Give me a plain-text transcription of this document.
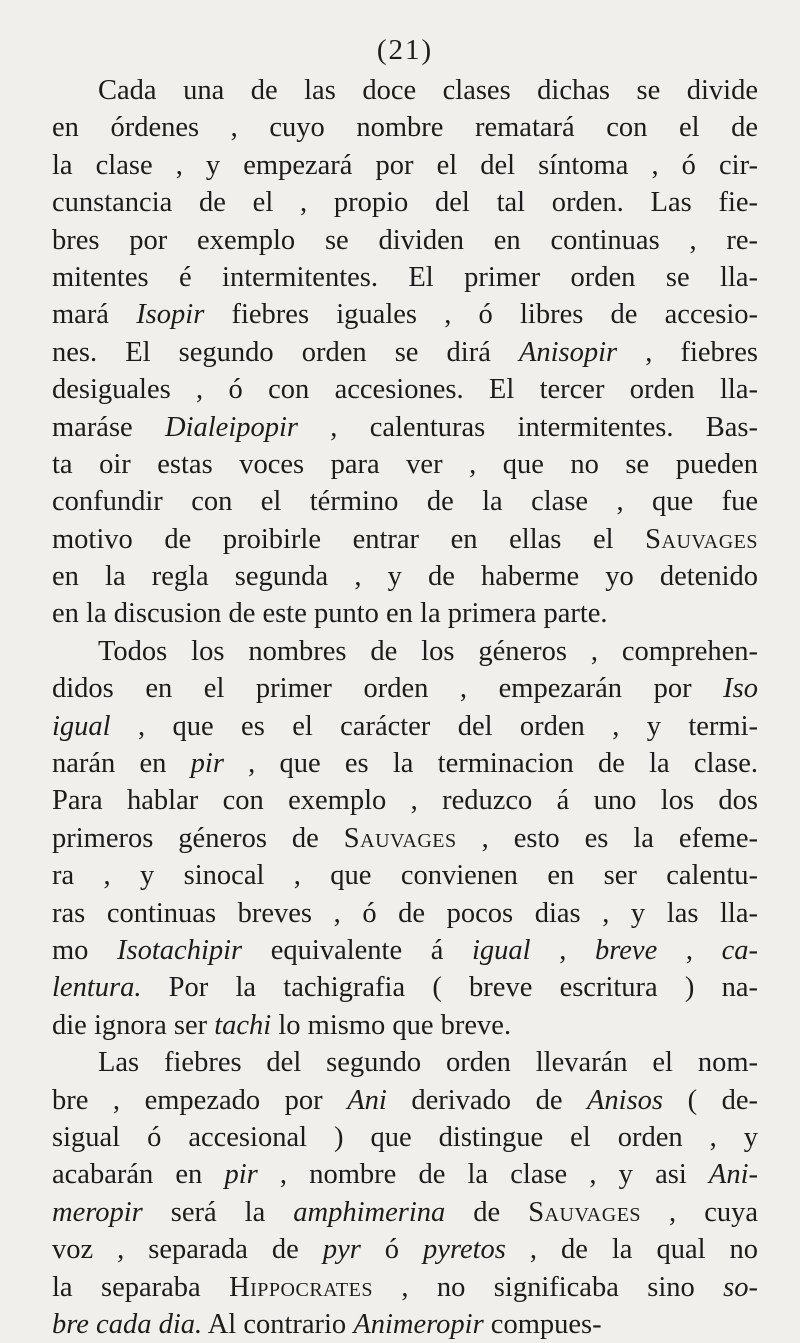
(21)
Cada una de las doce clases dichas se divide
en órdenes , cuyo nombre rematará con el de
la clase , y empezará por el del síntoma , ó cir-
cunstancia de el , propio del tal orden. Las fie-
bres por exemplo se dividen en continuas , re-
mitentes é intermitentes. El primer orden se lla-
mará Isopir fiebres iguales , ó libres de accesio-
nes. El segundo orden se dirá Anisopir , fiebres
desiguales , ó con accesiones. El tercer orden lla-
maráse Dialeipopir , calenturas intermitentes. Bas-
ta oir estas voces para ver , que no se pueden
confundir con el término de la clase , que fue
motivo de proibirle entrar en ellas el Sauvages
en la regla segunda , y de haberme yo detenido
en la discusion de este punto en la primera parte.
Todos los nombres de los géneros , comprehen-
didos en el primer orden , empezarán por Iso
igual , que es el carácter del orden , y termi-
narán en pir , que es la terminacion de la clase.
Para hablar con exemplo , reduzco á uno los dos
primeros géneros de Sauvages , esto es la efeme-
ra , y sinocal , que convienen en ser calentu-
ras continuas breves , ó de pocos dias , y las lla-
mo Isotachipir equivalente á igual , breve , ca-
lentura. Por la tachigrafia ( breve escritura ) na-
die ignora ser tachi lo mismo que breve.
Las fiebres del segundo orden llevarán el nom-
bre , empezado por Ani derivado de Anisos ( de-
sigual ó accesional ) que distingue el orden , y
acabarán en pir , nombre de la clase , y asi Ani-
meropir será la amphimerina de Sauvages , cuya
voz , separada de pyr ó pyretos , de la qual no
la separaba Hippocrates , no significaba sino so-
bre cada dia. Al contrario Animeropir compues-
